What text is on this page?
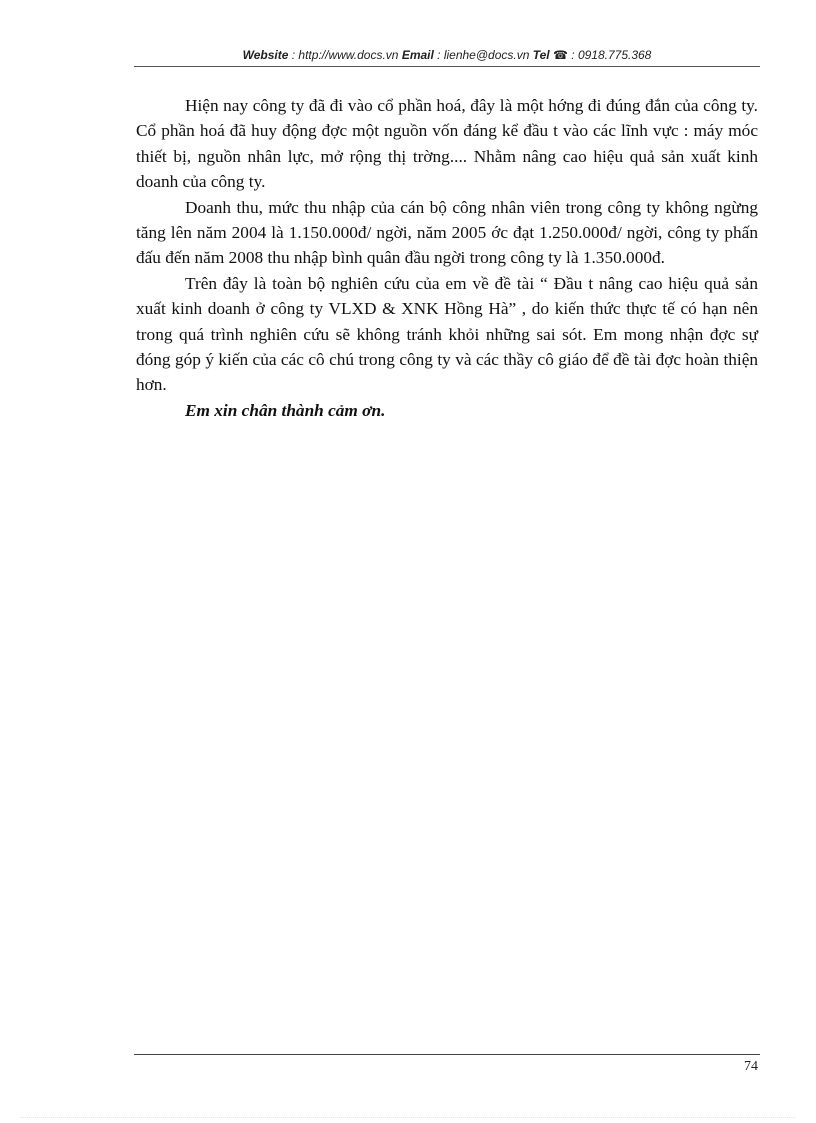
Website : http://www.docs.vn Email : lienhe@docs.vn Tel ☎ : 0918.775.368

Hiện nay công ty đã đi vào cổ phần hoá, đây là một hớng đi đúng đắn của công ty. Cổ phần hoá đã huy động đợc một nguồn vốn đáng kể đầu t vào các lĩnh vực : máy móc thiết bị, nguồn nhân lực, mở rộng thị trờng.... Nhằm nâng cao hiệu quả sản xuất kinh doanh của công ty.

Doanh thu, mức thu nhập của cán bộ công nhân viên trong công ty không ngừng tăng lên năm 2004 là 1.150.000đ/ ngời, năm 2005 ớc đạt 1.250.000đ/ ngời, công ty phấn đấu đến năm 2008 thu nhập bình quân đầu ngời trong công ty là 1.350.000đ.

Trên đây là toàn bộ nghiên cứu của em về đề tài “ Đầu t nâng cao hiệu quả sản xuất kinh doanh ở công ty VLXD & XNK Hồng Hà” , do kiến thức thực tế có hạn nên trong quá trình nghiên cứu sẽ không tránh khỏi những sai sót. Em mong nhận đợc sự đóng góp ý kiến của các cô chú trong công ty và các thầy cô giáo để đề tài đợc hoàn thiện hơn.

Em xin chân thành cảm ơn.

74
